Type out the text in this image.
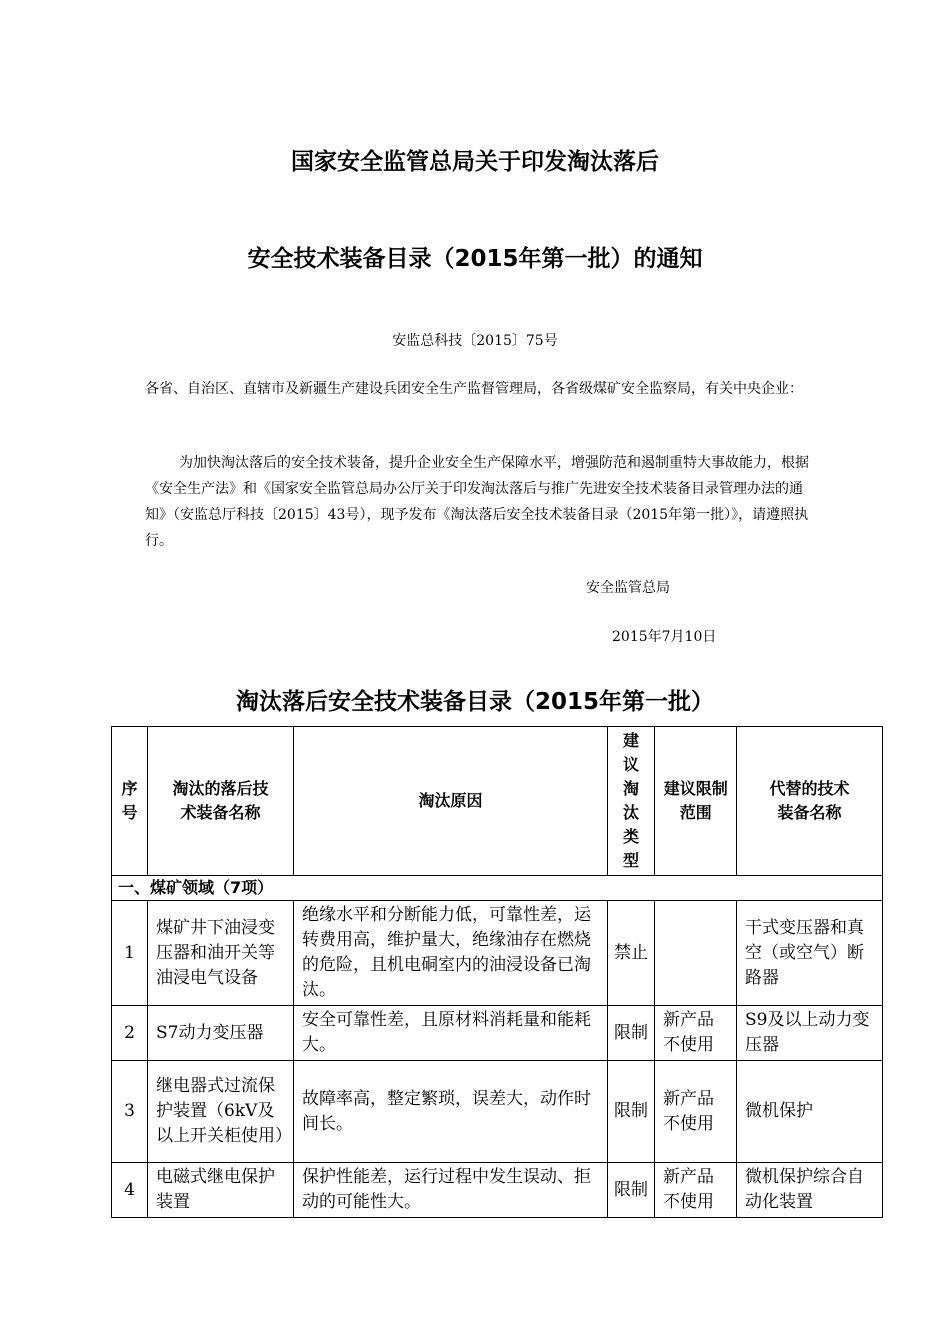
国家安全监管总局关于印发淘汰落后
安全技术装备目录（2015年第一批）的通知
安监总科技〔2015〕75号
各省、自治区、直辖市及新疆生产建设兵团安全生产监督管理局，各省级煤矿安全监察局，有关中央企业：
为加快淘汰落后的安全技术装备，提升企业安全生产保障水平，增强防范和遏制重特大事故能力，根据《安全生产法》和《国家安全监管总局办公厅关于印发淘汰落后与推广先进安全技术装备目录管理办法的通知》（安监总厅科技〔2015〕43号），现予发布《淘汰落后安全技术装备目录（2015年第一批）》，请遵照执行。
安全监管总局
2015年7月10日
淘汰落后安全技术装备目录（2015年第一批）
序号	淘汰的落后技术装备名称	淘汰原因	建议淘汰类型	建议限制范围	代替的技术装备名称
一、煤矿领域（7项）					
1	煤矿井下油浸变压器和油开关等油浸电气设备	绝缘水平和分断能力低，可靠性差，运转费用高，维护量大，绝缘油存在燃烧的危险，且机电硐室内的油浸设备已淘汰。	禁止		干式变压器和真空（或空气）断路器
2	S7动力变压器	安全可靠性差，且原材料消耗量和能耗大。	限制	新产品不使用	S9及以上动力变压器
3	继电器式过流保护装置（6kV及以上开关柜使用）	故障率高，整定繁琐，误差大，动作时间长。	限制	新产品不使用	微机保护
4	电磁式继电保护装置	保护性能差，运行过程中发生误动、拒动的可能性大。	限制	新产品不使用	微机保护综合自动化装置
